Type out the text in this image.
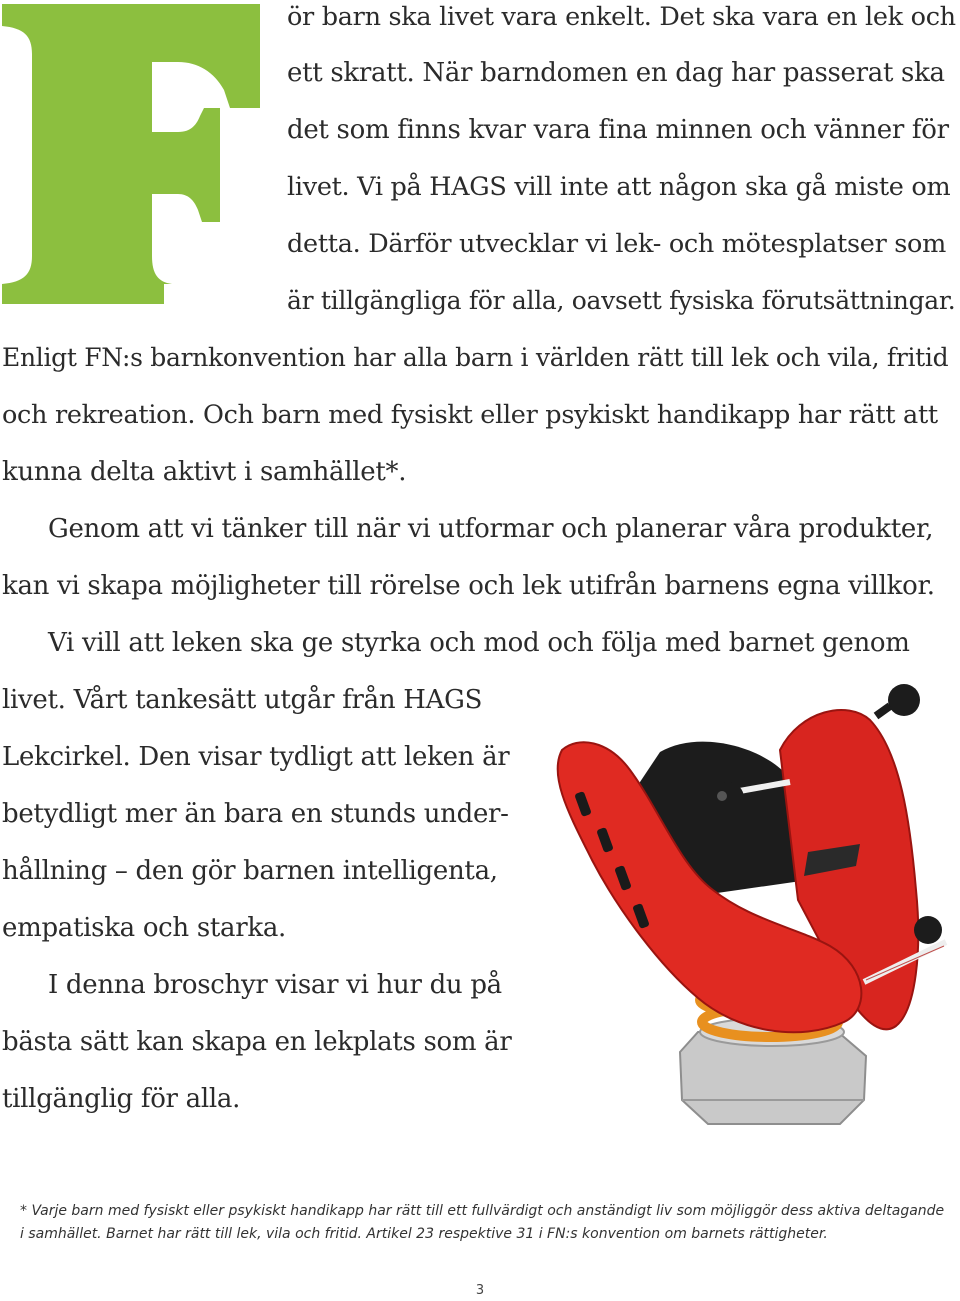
ör barn ska livet vara enkelt. Det ska vara en lek och
ett skratt. När barndomen en dag har passerat ska
det som finns kvar vara fina minnen och vänner för
livet. Vi på HAGS vill inte att någon ska gå miste om
detta. Därför utvecklar vi lek- och mötesplatser som
är tillgängliga för alla, oavsett fysiska förutsättningar.
Enligt FN:s barnkonvention har alla barn i världen rätt till lek och vila, fritid
och rekreation. Och barn med fysiskt eller psykiskt handikapp har rätt att
kunna delta aktivt i samhället*.
Genom att vi tänker till när vi utformar och planerar våra produkter,
kan vi skapa möjligheter till rörelse och lek utifrån barnens egna villkor.
Vi vill att leken ska ge styrka och mod och följa med barnet genom
livet. Vårt tankesätt utgår från HAGS
Lekcirkel. Den visar tydligt att leken är
betydligt mer än bara en stunds under-
hållning – den gör barnen intelligenta,
empatiska och starka.
I denna broschyr visar vi hur du på
bästa sätt kan skapa en lekplats som är
tillgänglig för alla.
* Varje barn med fysiskt eller psykiskt handikapp har rätt till ett fullvärdigt och anständigt liv som möjliggör dess aktiva deltagande
i samhället. Barnet har rätt till lek, vila och fritid. Artikel 23 respektive 31 i FN:s konvention om barnets rättigheter.
3
